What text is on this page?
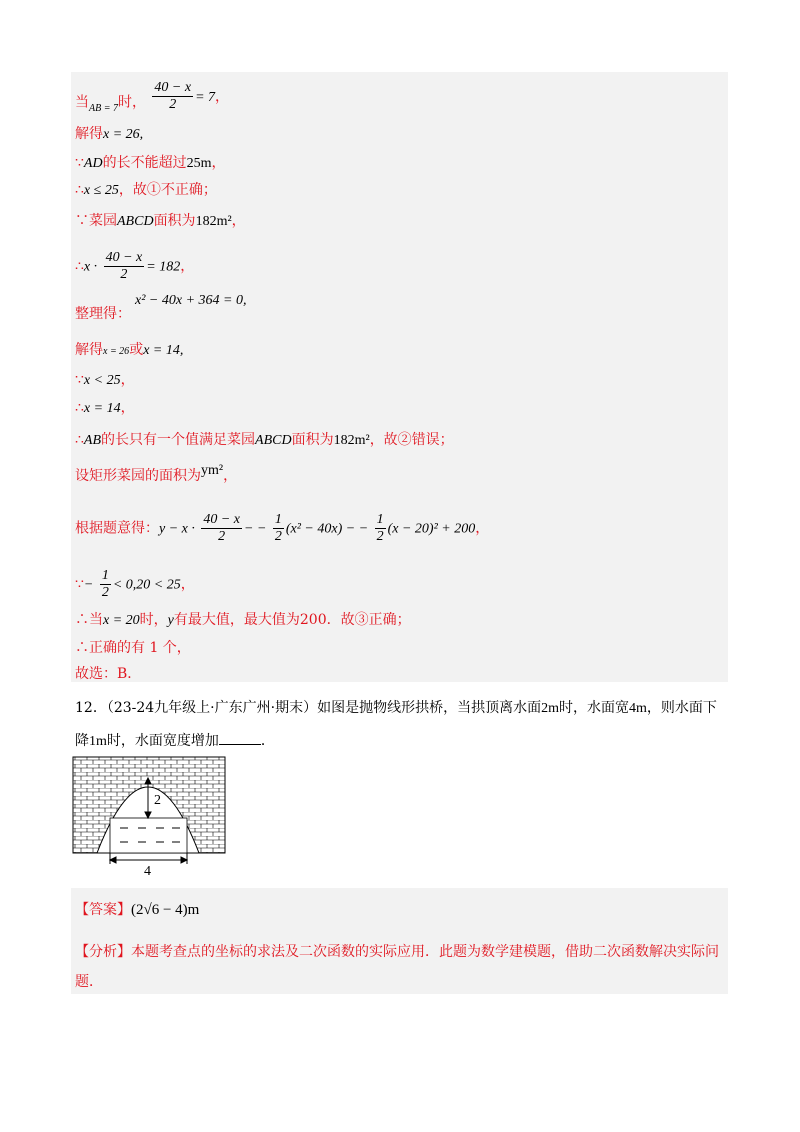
当$_{AB = 7}$时， $\frac{40 - x}{2} = 7$，
解得x = 26,
∵AD的长不能超过25m，
∴x ≤ 25，故①不正确；
∵菜园ABCD面积为182m²，
∴x · $\frac{40 - x}{2} = 182$，
整理得：x² − 40x + 364 = 0,
解得x = 26或x = 14,
∵x < 25，
∴x = 14，
∴AB的长只有一个值满足菜园ABCD面积为182m²，故②错误；
设矩形菜园的面积为ym²，
根据题意得：$y - x \cdot \frac{40 - x}{2}$ − − $\frac{1}{2} (x^2 - 40x)$ − − $\frac{1}{2} (x - 20)^2 + 200$，
∵− $\frac{1}{2} < 0,20 < 25$，
∴当x = 20时，y有最大值，最大值为200．故③正确；
∴正确的有 1 个，
故选：B．
12．（23-24九年级上·广东广州·期末）如图是抛物线形拱桥，当拱顶离水面2m时，水面宽4m，则水面下
降1m时，水面宽度增加	．
2
4
【答案】(2√6 − 4)m
【分析】本题考查点的坐标的求法及二次函数的实际应用．此题为数学建模题，借助二次函数解决实际问
题．
